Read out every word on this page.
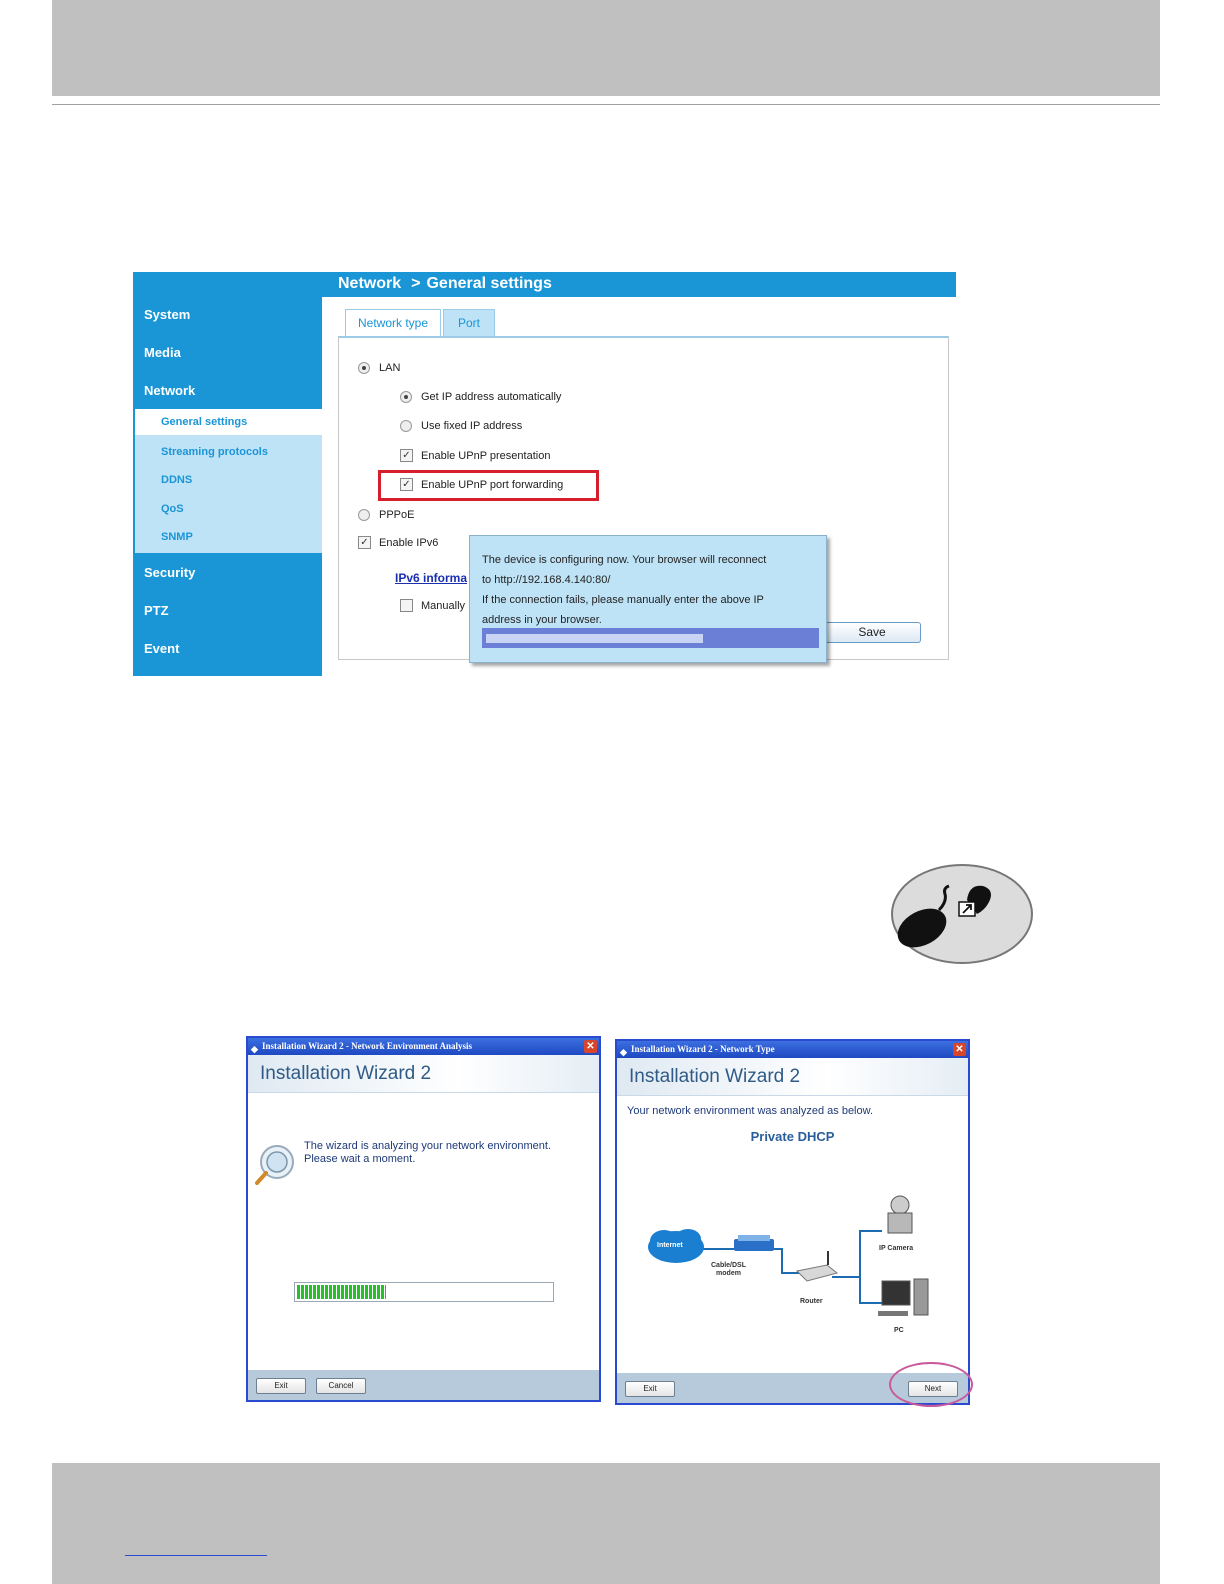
Network > General settings
System
Media
Network
General settings
Streaming protocols
DDNS
QoS
SNMP
Security
PTZ
Event
Network type	Port
LAN
Get IP address automatically
Use fixed IP address
✓ Enable UPnP presentation
✓ Enable UPnP port forwarding
PPPoE
✓ Enable IPv6
IPv6 informa
Manually
Save
The device is configuring now. Your browser will reconnect
to http://192.168.4.140:80/
If the connection fails, please manually enter the above IP
address in your browser.
◆ Installation Wizard 2 - Network Environment Analysis	✕
Installation Wizard 2
The wizard is analyzing your network environment.
Please wait a moment.
Exit	Cancel
◆ Installation Wizard 2 - Network Type	✕
Installation Wizard 2
Your network environment was analyzed as below.
Private DHCP
Internet
Cable/DSL
modem
Router
IP Camera
PC
Exit	Next
